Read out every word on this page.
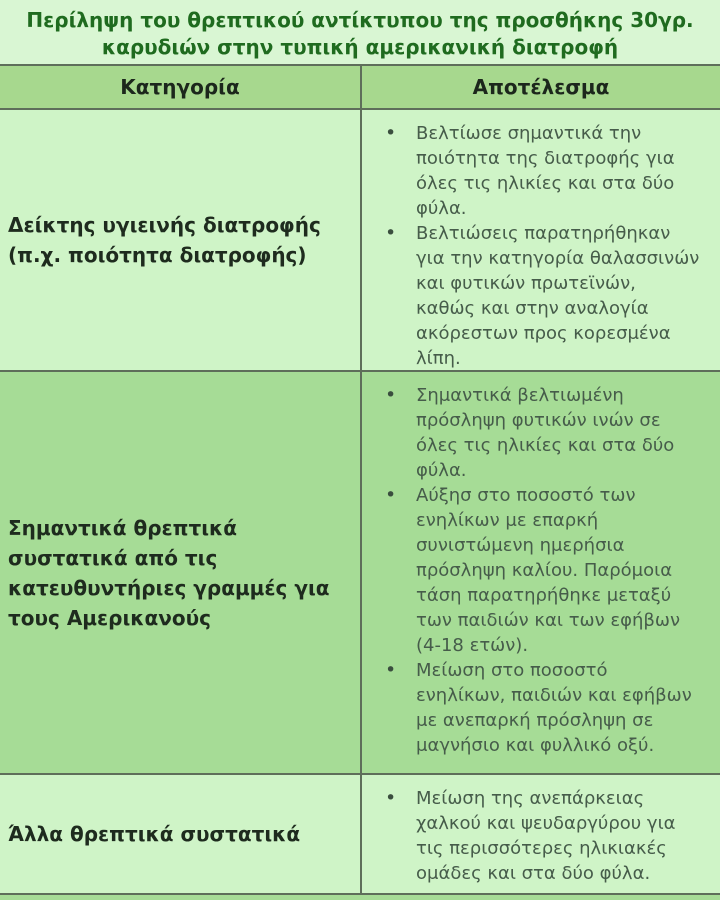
Περίληψη του θρεπτικού αντίκτυπου της προσθήκης 30γρ. καρυδιών στην τυπική αμερικανική διατροφή
Κατηγορία	Αποτέλεσμα
Δείκτης υγιεινής διατροφής (π.χ. ποιότητα διατροφής)
• Βελτίωσε σημαντικά την ποιότητα της διατροφής για όλες τις ηλικίες και στα δύο φύλα.
• Βελτιώσεις παρατηρήθηκαν για την κατηγορία θαλασσινών και φυτικών πρωτεϊνών, καθώς και στην αναλογία ακόρεστων προς κορεσμένα λίπη.
Σημαντικά θρεπτικά συστατικά από τις κατευθυντήριες γραμμές για τους Αμερικανούς
• Σημαντικά βελτιωμένη πρόσληψη φυτικών ινών σε όλες τις ηλικίες και στα δύο φύλα.
• Αύξησ στο ποσοστό των ενηλίκων με επαρκή συνιστώμενη ημερήσια πρόσληψη καλίου. Παρόμοια τάση παρατηρήθηκε μεταξύ των παιδιών και των εφήβων (4-18 ετών).
• Μείωση στο ποσοστό ενηλίκων, παιδιών και εφήβων με ανεπαρκή πρόσληψη σε μαγνήσιο και φυλλικό οξύ.
Άλλα θρεπτικά συστατικά
• Μείωση της ανεπάρκειας χαλκού και ψευδαργύρου για τις περισσότερες ηλικιακές ομάδες και στα δύο φύλα.
